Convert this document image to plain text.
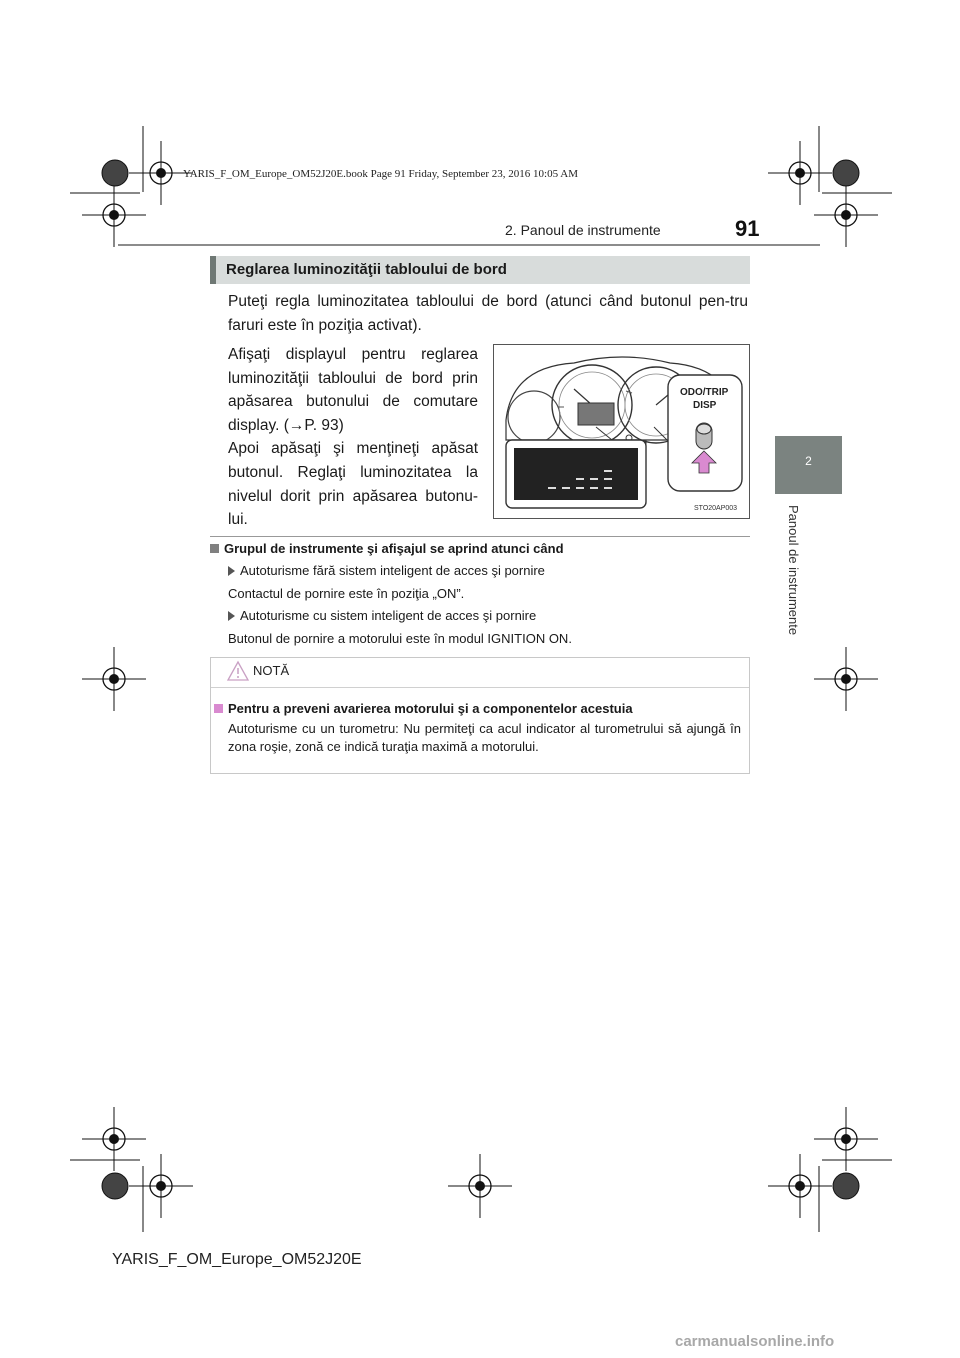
YARIS_F_OM_Europe_OM52J20E.book Page 91 Friday, September 23, 2016 10:05 AM
2. Panoul de instrumente	91
2
Panoul de instrumente
Reglarea luminozităţii tabloului de bord
Puteţi regla luminozitatea tabloului de bord (atunci când butonul pen-tru faruri este în poziţia activat).
Afişaţi displayul pentru reglarea
luminozităţii tabloului de bord prin
apăsarea butonului de comutare
display. (→P. 93)
Apoi apăsaţi şi menţineţi apăsat
butonul. Reglaţi luminozitatea la
nivelul dorit prin apăsarea butonu-
lui.
ODO/TRIP
DISP
STO20AP003
Grupul de instrumente şi afişajul se aprind atunci când
Autoturisme fără sistem inteligent de acces şi pornire
Contactul de pornire este în poziţia „ON”.
Autoturisme cu sistem inteligent de acces şi pornire
Butonul de pornire a motorului este în modul IGNITION ON.
NOTĂ
Pentru a preveni avarierea motorului şi a componentelor acestuia
Autoturisme cu un turometru: Nu permiteţi ca acul indicator al turometrului să ajungă în zona roşie, zonă ce indică turaţia maximă a motorului.
YARIS_F_OM_Europe_OM52J20E
carmanualsonline.info
